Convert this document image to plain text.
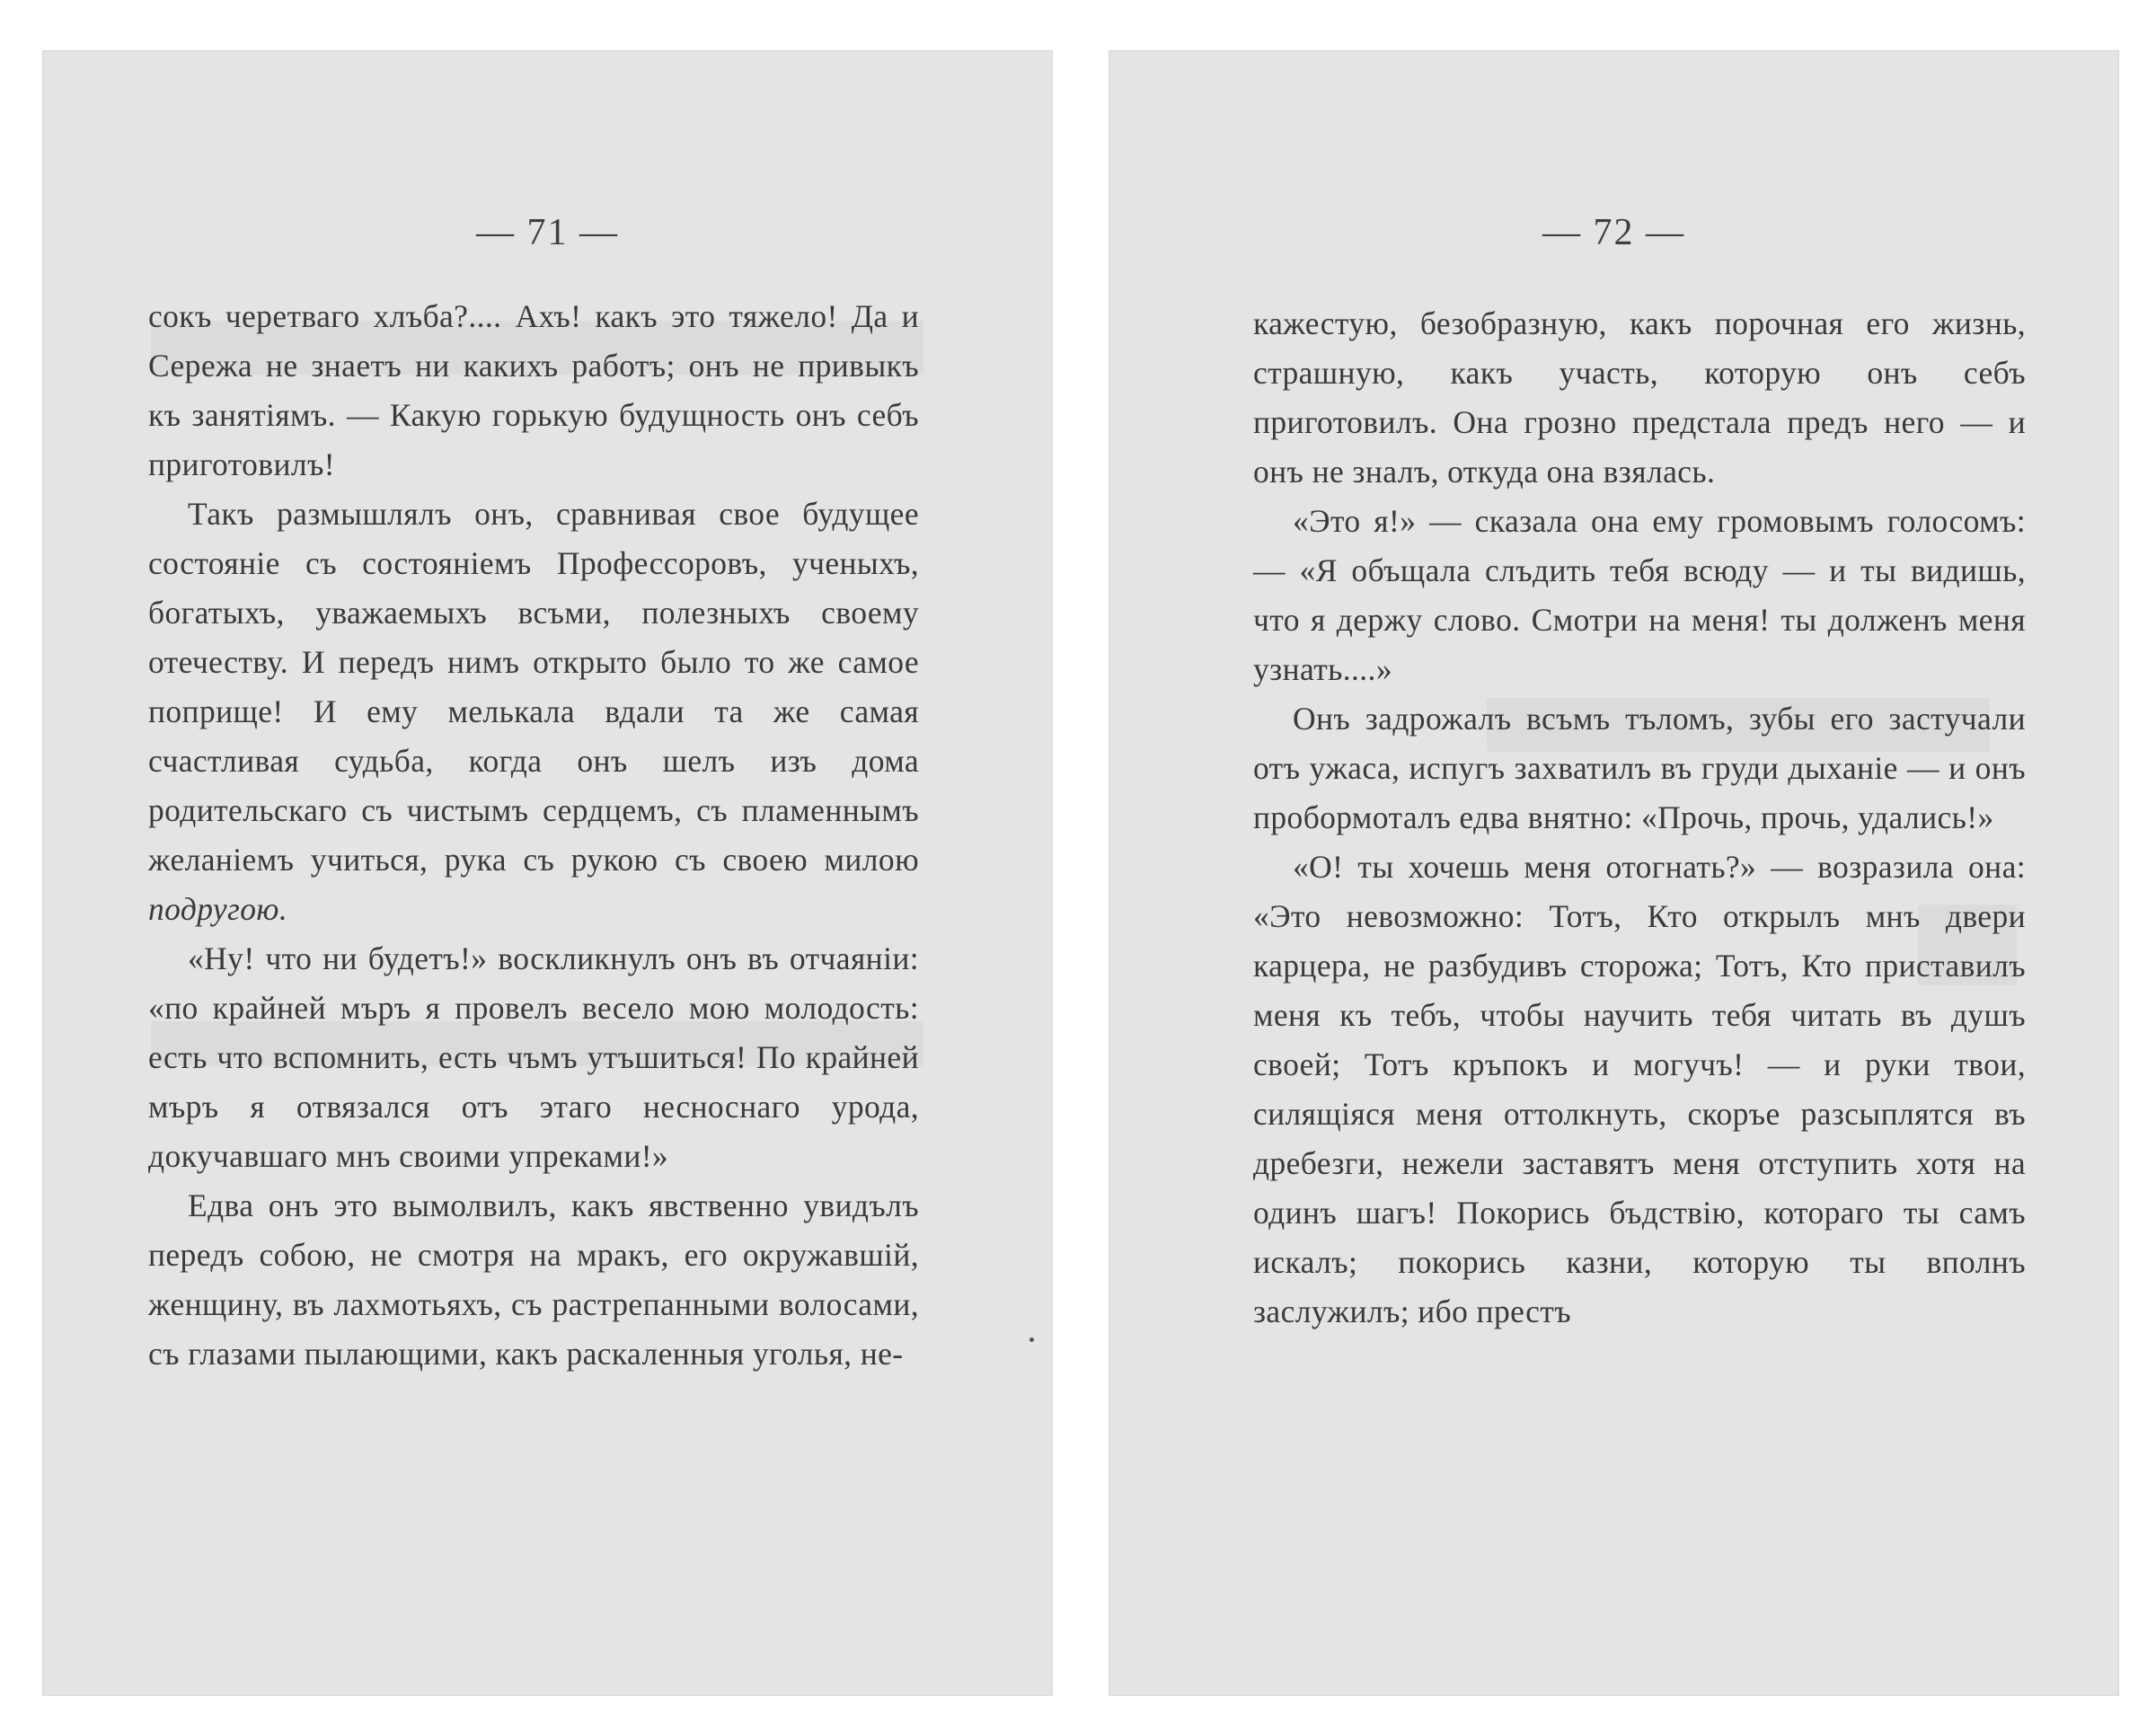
— 71 —

сокъ черетваго хлъба?.... Ахъ! какъ это тяжело! Да и Сережа не знаетъ ни какихъ работъ; онъ не привыкъ къ занятіямъ. — Какую горькую будущность онъ себъ приготовилъ!

Такъ размышлялъ онъ, сравнивая свое будущее состояніе съ состояніемъ Профессоровъ, ученыхъ, богатыхъ, уважаемыхъ всъми, полезныхъ своему отечеству. И передъ нимъ открыто было то же самое поприще! И ему мелькала вдали та же самая счастливая судьба, когда онъ шелъ изъ дома родительскаго съ чистымъ сердцемъ, съ пламеннымъ желаніемъ учиться, рука съ рукою съ своею милою подругою.

«Ну! что ни будетъ!» воскликнулъ онъ въ отчаяніи: «по крайней мъръ я провелъ весело мою молодость: есть что вспомнить, есть чъмъ утъшиться! По крайней мъръ я отвязался отъ этаго несноснаго урода, докучавшаго мнъ своими упреками!»

Едва онъ это вымолвилъ, какъ явственно увидълъ передъ собою, не смотря на мракъ, его окружавшій, женщину, въ лахмотьяхъ, съ растрепанными волосами, съ глазами пылающими, какъ раскаленныя уголья, не-

— 72 —

кажестую, безобразную, какъ порочная его жизнь, страшную, какъ участь, которую онъ себъ приготовилъ. Она грозно предстала предъ него — и онъ не зналъ, откуда она взялась.

«Это я!» — сказала она ему громовымъ голосомъ: — «Я объщала слъдить тебя всюду — и ты видишь, что я держу слово. Смотри на меня! ты долженъ меня узнать....»

Онъ задрожалъ всъмъ тъломъ, зубы его застучали отъ ужаса, испугъ захватилъ въ груди дыханіе — и онъ пробормоталъ едва внятно: «Прочь, прочь, удались!»

«О! ты хочешь меня отогнать?» — возразила она: «Это невозможно: Тотъ, Кто открылъ мнъ двери карцера, не разбудивъ сторожа; Тотъ, Кто приставилъ меня къ тебъ, чтобы научить тебя читать въ душъ своей; Тотъ кръпокъ и могучъ! — и руки твои, силящіяся меня оттолкнуть, скоръе разсыплятся въ дребезги, нежели заставятъ меня отступить хотя на одинъ шагъ! Покорись бъдствію, котораго ты самъ искалъ; покорись казни, которую ты вполнъ заслужилъ; ибо престъ
